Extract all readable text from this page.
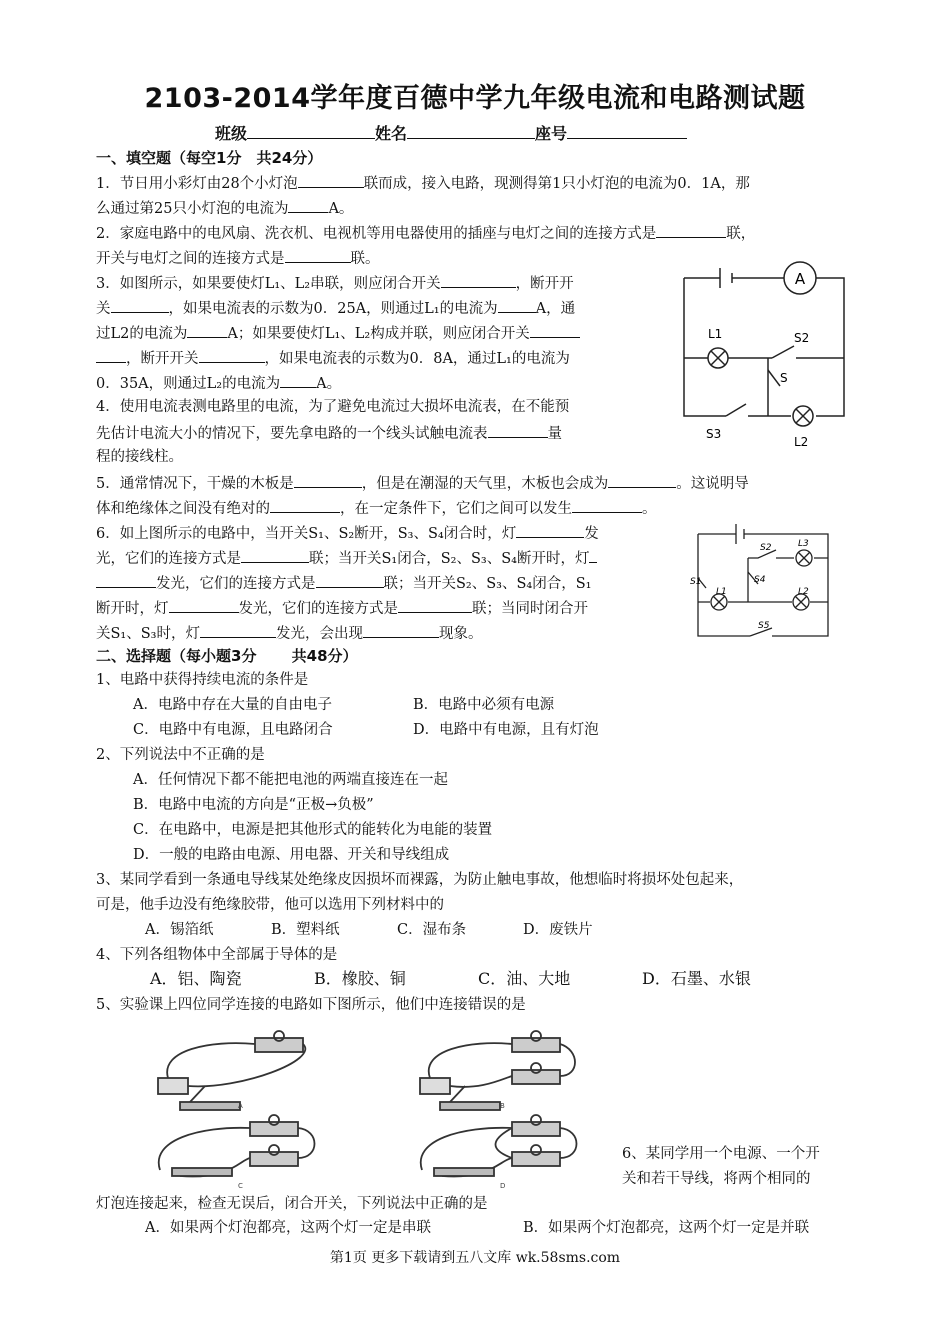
2103-2014学年度百德中学九年级电流和电路测试题
班级	姓名	座号
一、填空题（每空1分　共24分）
1．节日用小彩灯由28个小灯泡	联而成，接入电路，现测得第1只小灯泡的电流为0．1A，那
么通过第25只小灯泡的电流为	A。
2．家庭电路中的电风扇、洗衣机、电视机等用电器使用的插座与电灯之间的连接方式是	联，
开关与电灯之间的连接方式是	联。
3．如图所示，如果要使灯L₁、L₂串联，则应闭合开关	，断开开
关	，如果电流表的示数为0．25A，则通过L₁的电流为	A，通
过L2的电流为	A；如果要使灯L₁、L₂构成并联，则应闭合开关
，断开开关	，如果电流表的示数为0．8A，通过L₁的电流为
0．35A，则通过L₂的电流为 A。
4．使用电流表测电路里的电流，为了避免电流过大损坏电流表，在不能预
先估计电流大小的情况下，要先拿电路的一个线头试触电流表	量
程的接线柱。
5．通常情况下，干燥的木板是	，但是在潮湿的天气里，木板也会成为	。这说明导
体和绝缘体之间没有绝对的	，在一定条件下，它们之间可以发生	。
6．如上图所示的电路中，当开关S₁、S₂断开，S₃、S₄闭合时，灯	发
光，它们的连接方式是	联；当开关S₁闭合，S₂、S₃、S₄断开时，灯
发光，它们的连接方式是	联；当开关S₂、S₃、S₄闭合，S₁
断开时，灯	发光，它们的连接方式是	联；当同时闭合开
关S₁、S₃时，灯	发光，会出现	现象。
二、选择题（每小题3分　　 共48分）
1、电路中获得持续电流的条件是
A．电路中存在大量的自由电子	B．电路中必须有电源
C．电路中有电源，且电路闭合	D．电路中有电源，且有灯泡
2、下列说法中不正确的是
A．任何情况下都不能把电池的两端直接连在一起
B．电路中电流的方向是“正极→负极”
C．在电路中，电源是把其他形式的能转化为电能的装置
D．一般的电路由电源、用电器、开关和导线组成
3、某同学看到一条通电导线某处绝缘皮因损坏而裸露，为防止触电事故，他想临时将损坏处包起来，
可是，他手边没有绝缘胶带，他可以选用下列材料中的
A．锡箔纸	B．塑料纸	C．湿布条	D．废铁片
4、下列各组物体中全部属于导体的是
A．铝、陶瓷	B．橡胶、铜	C．油、大地	D．石墨、水银
5、实验课上四位同学连接的电路如下图所示，他们中连接错误的是
6、某同学用一个电源、一个开
关和若干导线，将两个相同的
灯泡连接起来，检查无误后，闭合开关，下列说法中正确的是
A．如果两个灯泡都亮，这两个灯一定是串联	B．如果两个灯泡都亮，这两个灯一定是并联
第1页 更多下载请到五八文库 wk.58sms.com
A
L1	S2
S
S3
L2
S2	L3
S4
S1
L1	L2
S5
A	B
C	D
